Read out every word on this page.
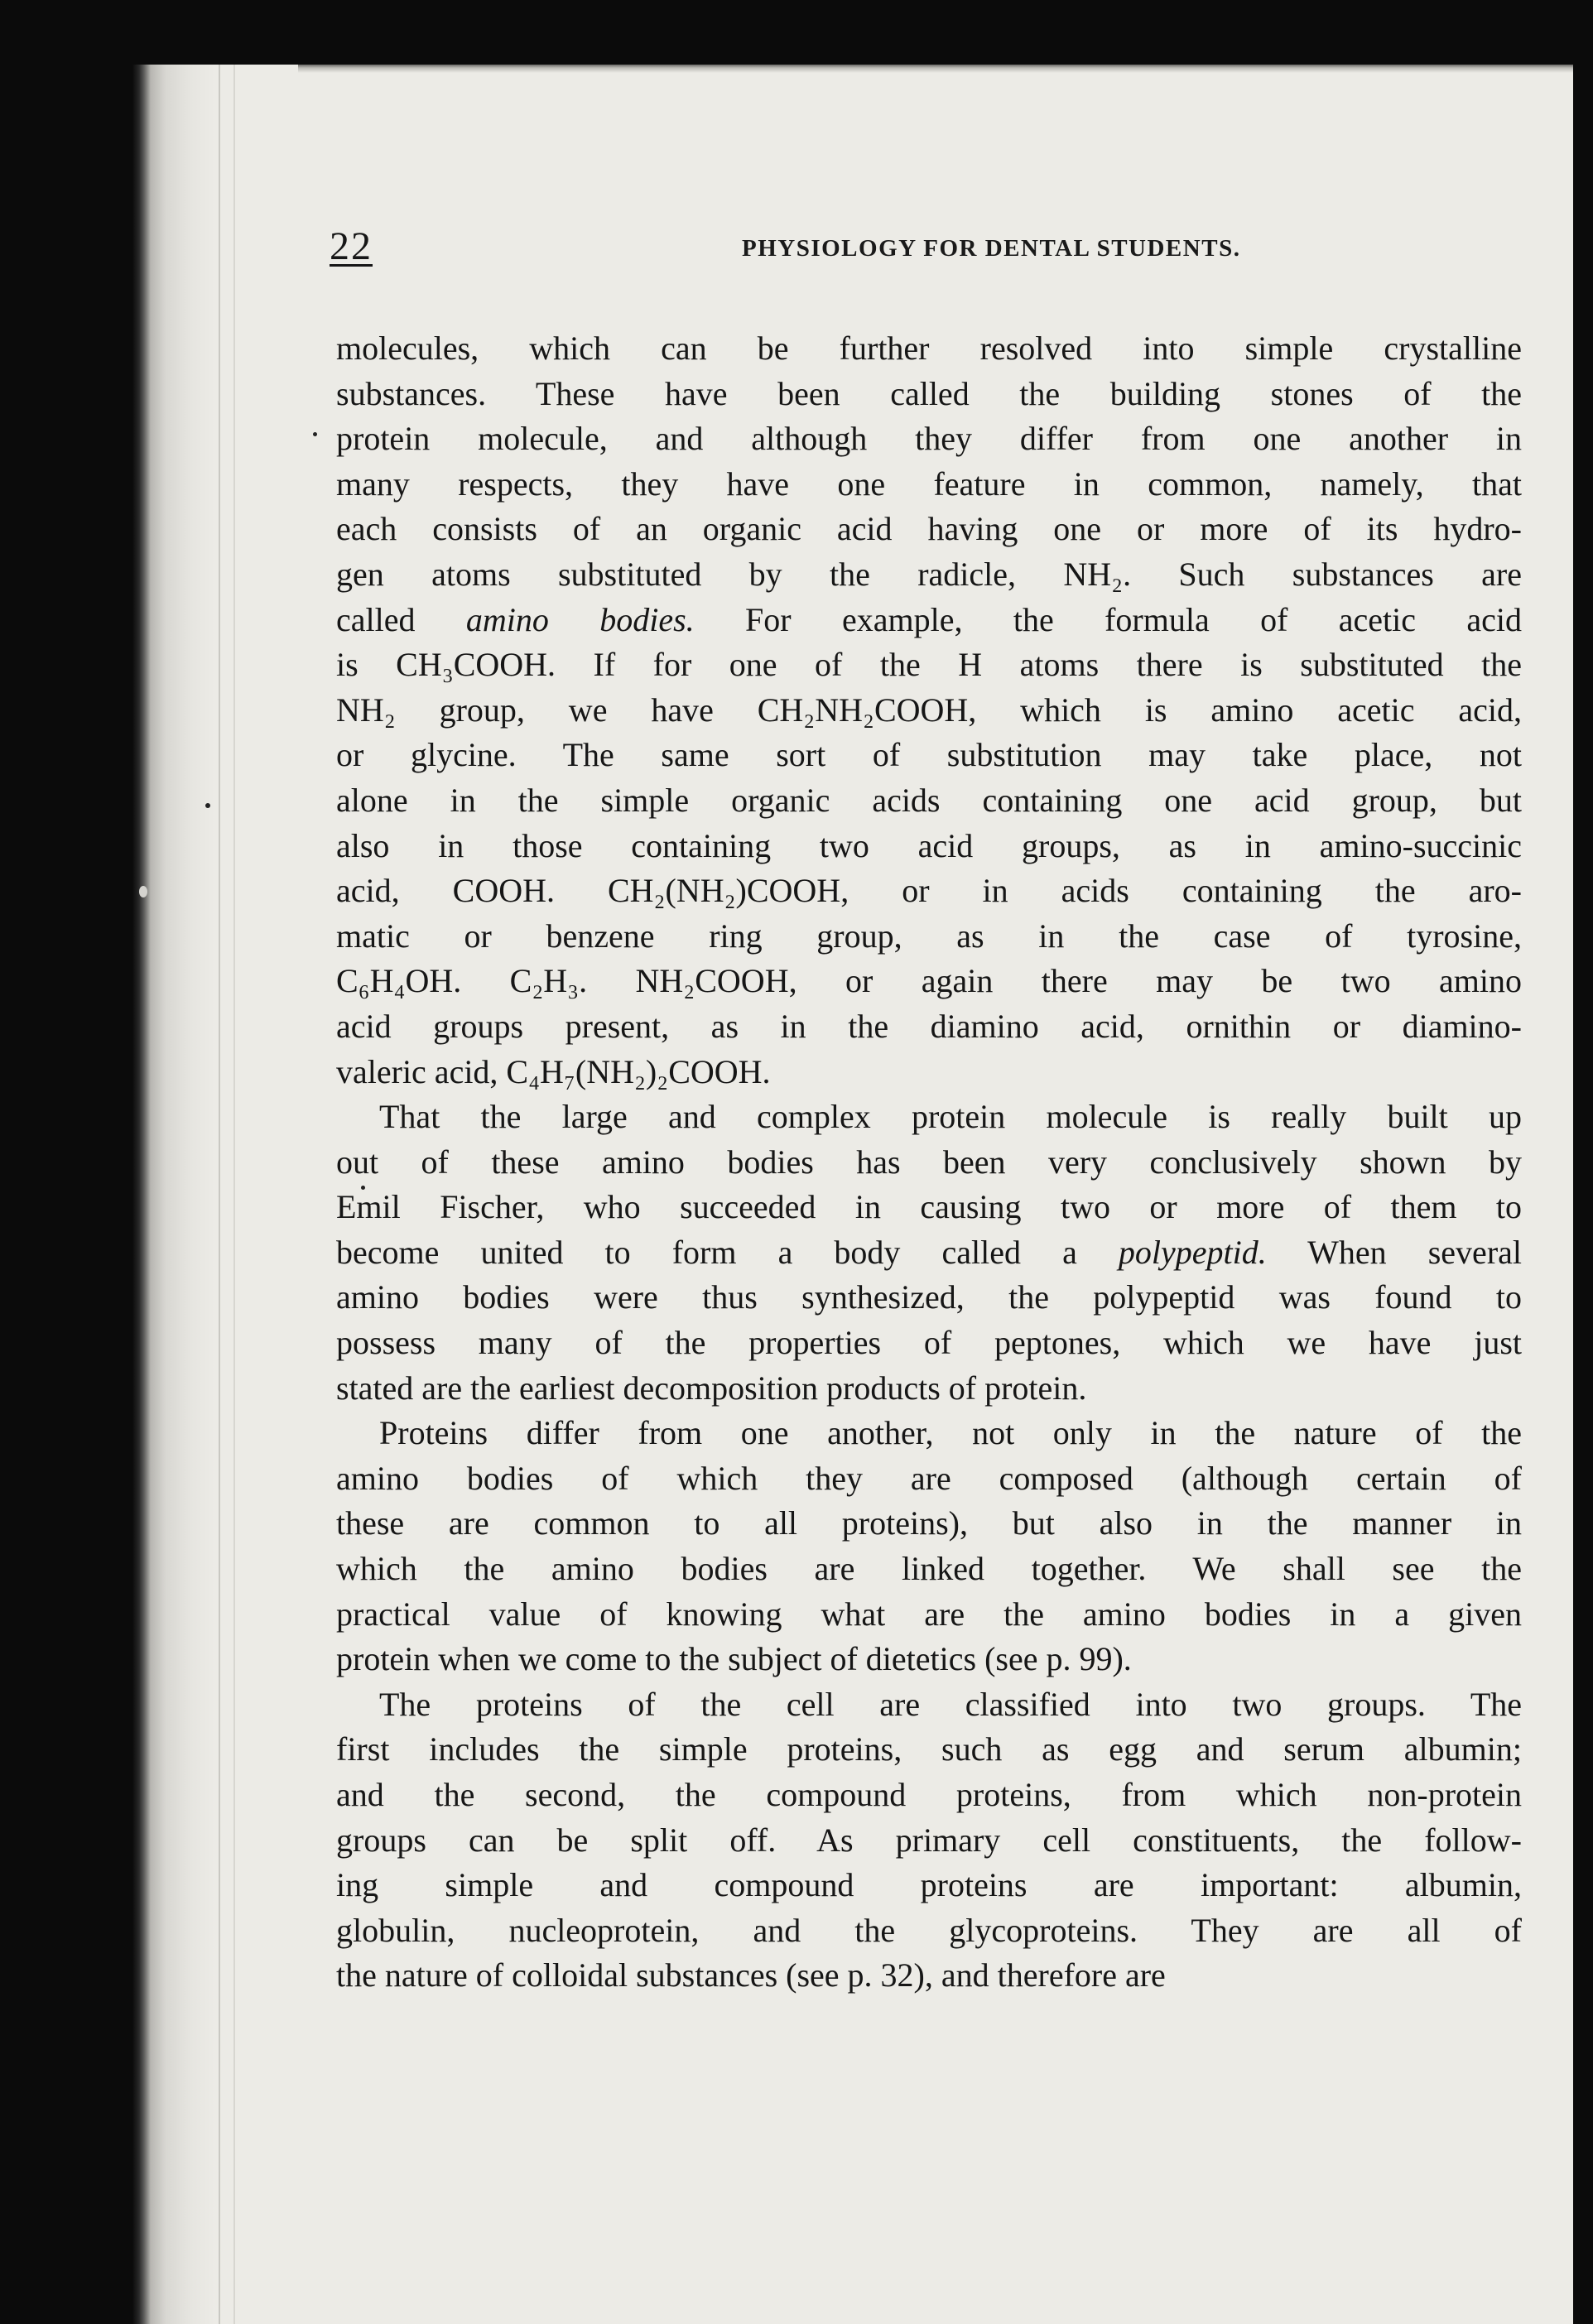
22	PHYSIOLOGY FOR DENTAL STUDENTS.
molecules, which can be further resolved into simple crystalline
substances. These have been called the building stones of the
protein molecule, and although they differ from one another in
many respects, they have one feature in common, namely, that
each consists of an organic acid having one or more of its hydro-
gen atoms substituted by the radicle, NH₂. Such substances are
called amino bodies. For example, the formula of acetic acid
is CH₃COOH. If for one of the H atoms there is substituted the
NH₂ group, we have CH₂NH₂COOH, which is amino acetic acid,
or glycine. The same sort of substitution may take place, not
alone in the simple organic acids containing one acid group, but
also in those containing two acid groups, as in amino-succinic
acid, COOH. CH₂(NH₂)COOH, or in acids containing the aro-
matic or benzene ring group, as in the case of tyrosine,
C₆H₄OH. C₂H₃. NH₂COOH, or again there may be two amino
acid groups present, as in the diamino acid, ornithin or diamino-
valeric acid, C₄H₇(NH₂)₂COOH.
That the large and complex protein molecule is really built up
out of these amino bodies has been very conclusively shown by
Emil Fischer, who succeeded in causing two or more of them to
become united to form a body called a polypeptid. When several
amino bodies were thus synthesized, the polypeptid was found to
possess many of the properties of peptones, which we have just
stated are the earliest decomposition products of protein.
Proteins differ from one another, not only in the nature of the
amino bodies of which they are composed (although certain of
these are common to all proteins), but also in the manner in
which the amino bodies are linked together. We shall see the
practical value of knowing what are the amino bodies in a given
protein when we come to the subject of dietetics (see p. 99).
The proteins of the cell are classified into two groups. The
first includes the simple proteins, such as egg and serum albumin;
and the second, the compound proteins, from which non-protein
groups can be split off. As primary cell constituents, the follow-
ing simple and compound proteins are important: albumin,
globulin, nucleoprotein, and the glycoproteins. They are all of
the nature of colloidal substances (see p. 32), and therefore are
